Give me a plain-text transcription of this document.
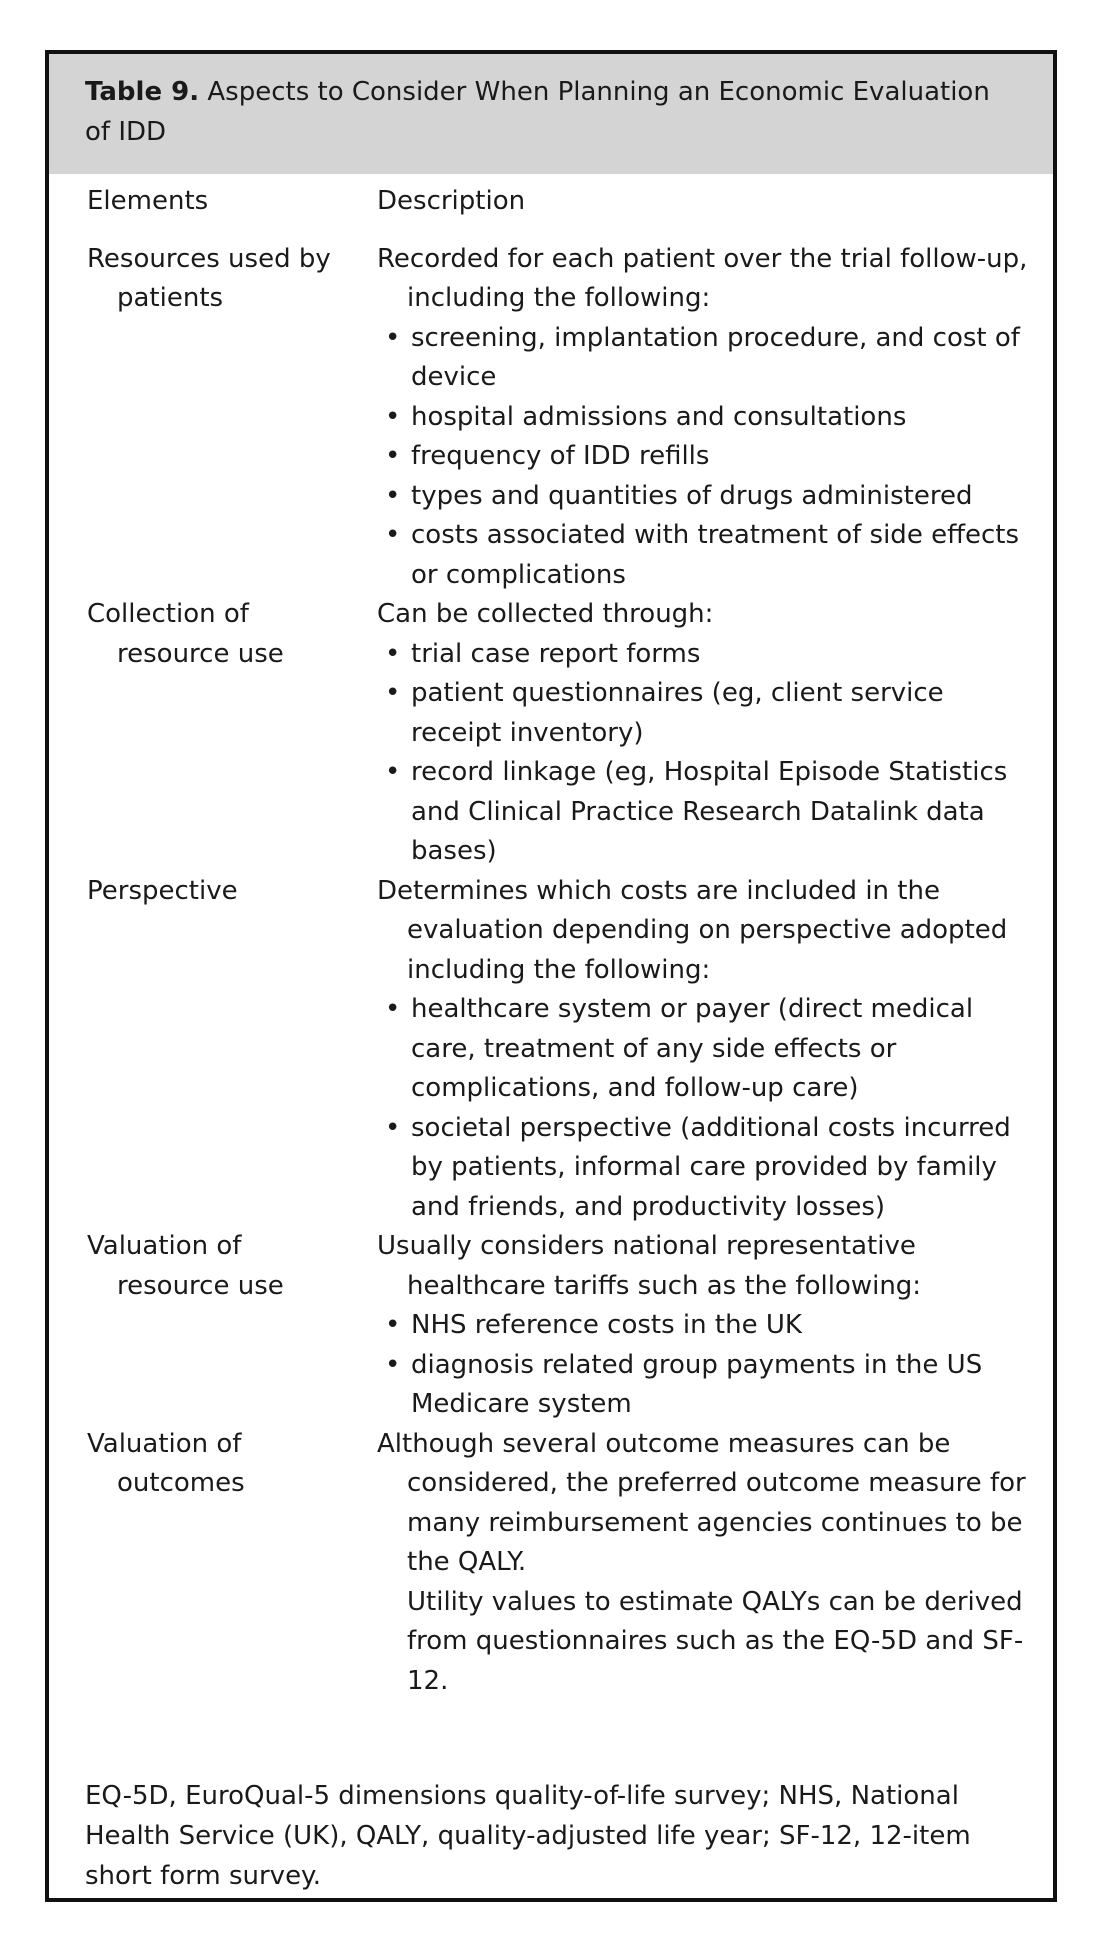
Table 9. Aspects to Consider When Planning an Economic Evaluation of IDD
Elements	Description
Resources used by
patients
Recorded for each patient over the trial follow-up, including the following:
• screening, implantation procedure, and cost of device
• hospital admissions and consultations
• frequency of IDD refills
• types and quantities of drugs administered
• costs associated with treatment of side effects or complications
Collection of
resource use
Can be collected through:
• trial case report forms
• patient questionnaires (eg, client service receipt inventory)
• record linkage (eg, Hospital Episode Statistics and Clinical Practice Research Datalink data bases)
Perspective	Determines which costs are included in the evaluation depending on perspective adopted including the following:
• healthcare system or payer (direct medical care, treatment of any side effects or complications, and follow-up care)
• societal perspective (additional costs incurred by patients, informal care provided by family and friends, and productivity losses)
Valuation of
resource use
Usually considers national representative healthcare tariffs such as the following:
• NHS reference costs in the UK
• diagnosis related group payments in the US Medicare system
Valuation of
outcomes
Although several outcome measures can be considered, the preferred outcome measure for many reimbursement agencies continues to be the QALY.
Utility values to estimate QALYs can be derived from questionnaires such as the EQ-5D and SF-12.
EQ-5D, EuroQual-5 dimensions quality-of-life survey; NHS, National Health Service (UK), QALY, quality-adjusted life year; SF-12, 12-item short form survey.
